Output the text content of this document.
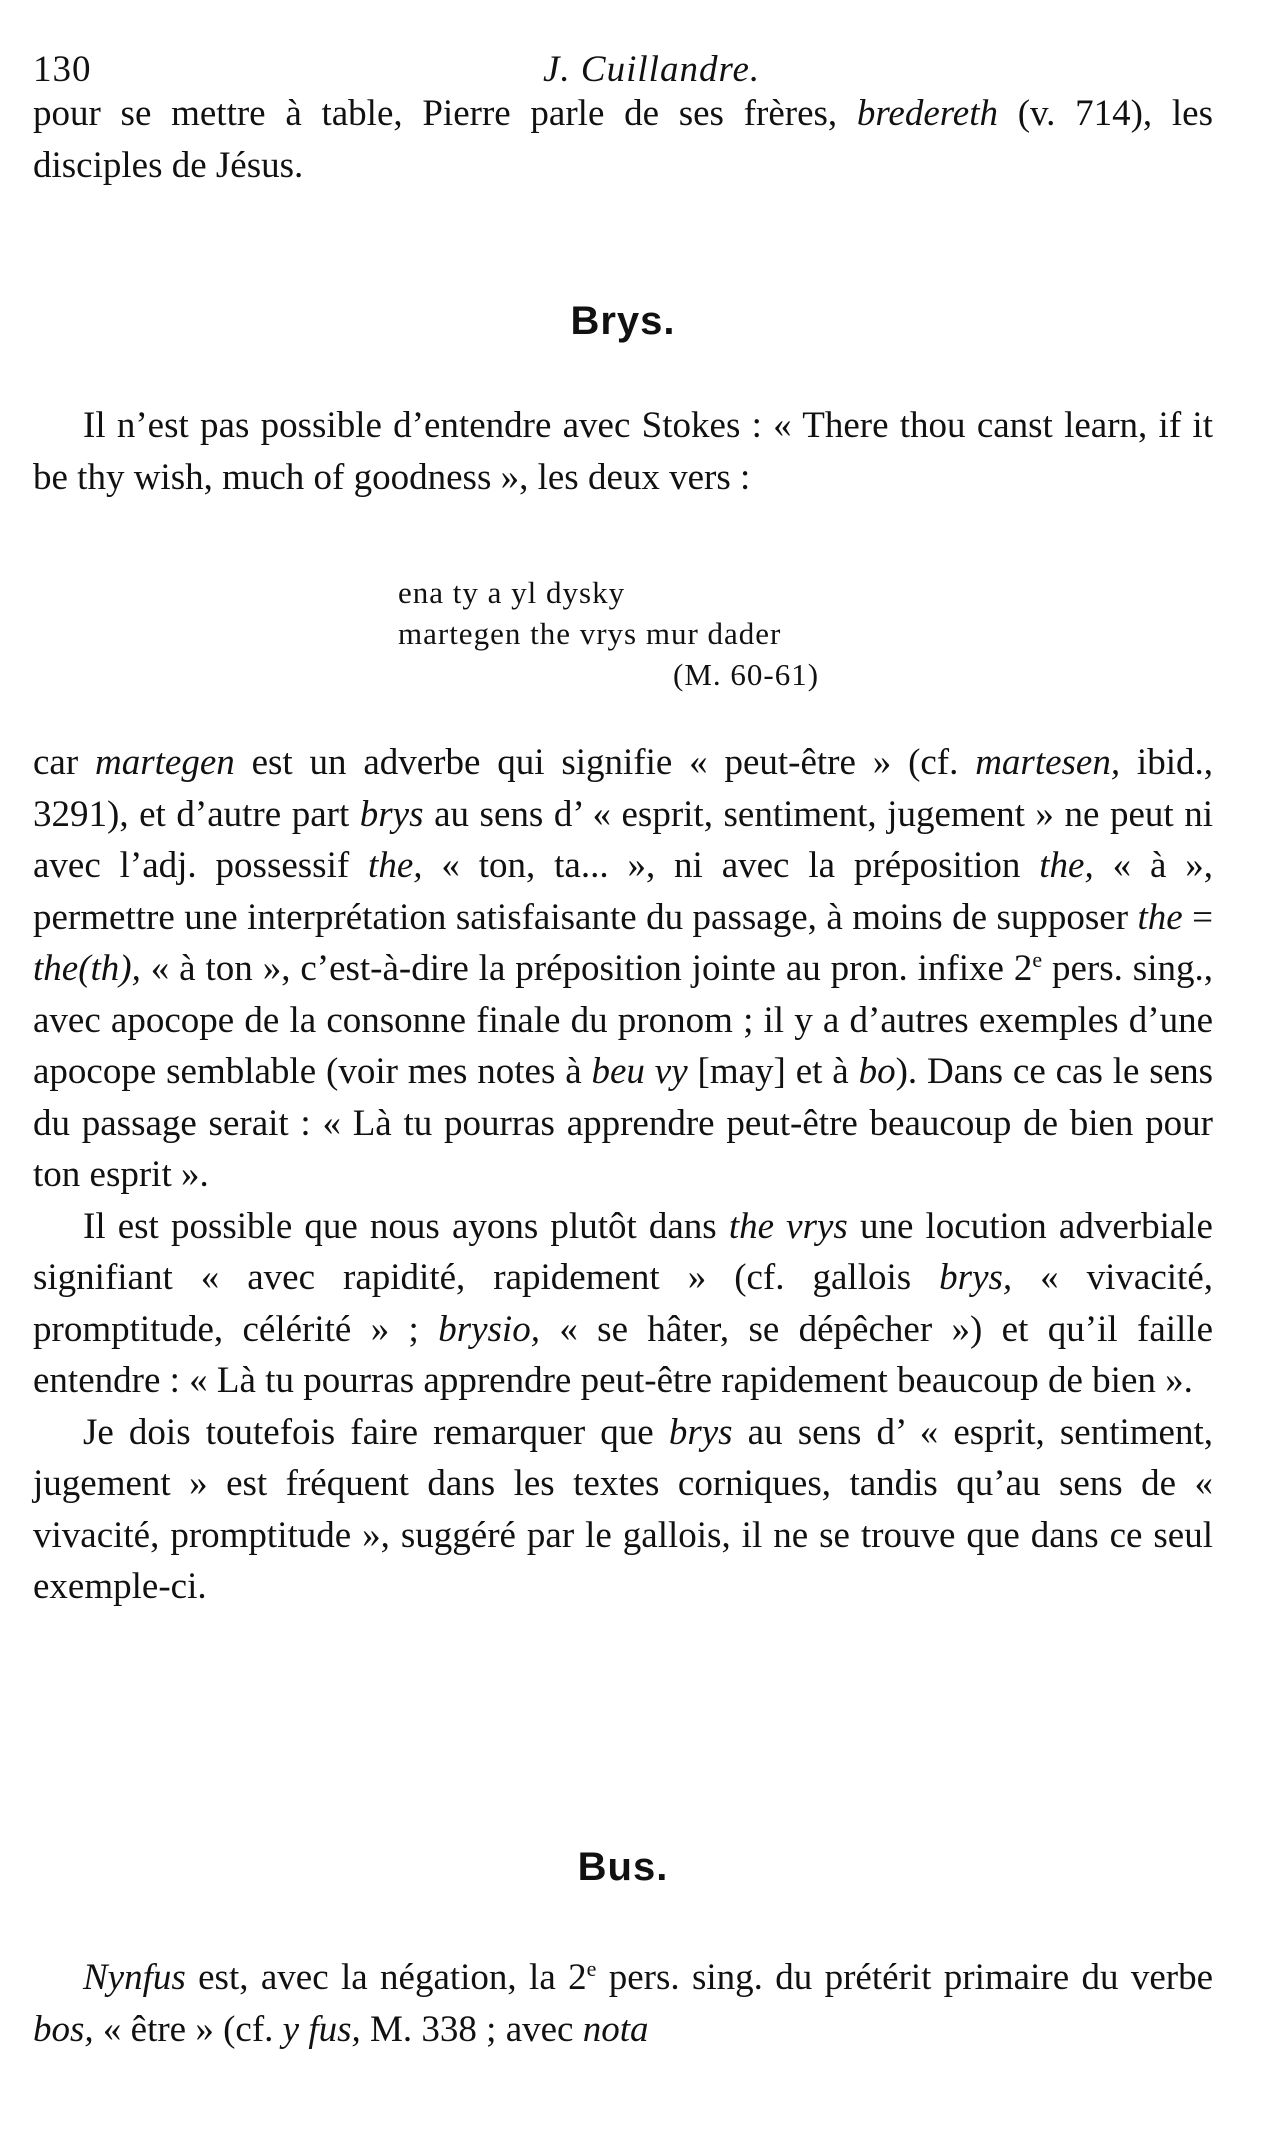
130	J. Cuillandre.

pour se mettre à table, Pierre parle de ses frères, bredereth (v. 714), les disciples de Jésus.

Brys.

Il n’est pas possible d’entendre avec Stokes : « There thou canst learn, if it be thy wish, much of goodness », les deux vers :

ena ty a yl dysky
martegen the vrys mur dader
(M. 60-61)

car martegen est un adverbe qui signifie « peut-être » (cf. martesen, ibid., 3291), et d’autre part brys au sens d’ « esprit, sentiment, jugement » ne peut ni avec l’adj. possessif the, « ton, ta... », ni avec la préposition the, « à », permettre une interprétation satisfaisante du passage, à moins de supposer the = the(th), « à ton », c’est-à-dire la préposition jointe au pron. infixe 2e pers. sing., avec apocope de la consonne finale du pronom ; il y a d’autres exemples d’une apocope semblable (voir mes notes à beu vy [may] et à bo). Dans ce cas le sens du passage serait : « Là tu pourras apprendre peut-être beaucoup de bien pour ton esprit ».

Il est possible que nous ayons plutôt dans the vrys une locution adverbiale signifiant « avec rapidité, rapidement » (cf. gallois brys, « vivacité, promptitude, célérité » ; brysio, « se hâter, se dépêcher ») et qu’il faille entendre : « Là tu pourras apprendre peut-être rapidement beaucoup de bien ».

Je dois toutefois faire remarquer que brys au sens d’ « esprit, sentiment, jugement » est fréquent dans les textes corniques, tandis qu’au sens de « vivacité, promptitude », suggéré par le gallois, il ne se trouve que dans ce seul exemple-ci.

Bus.

Nynfus est, avec la négation, la 2e pers. sing. du prétérit primaire du verbe bos, « être » (cf. y fus, M. 338 ; avec nota
